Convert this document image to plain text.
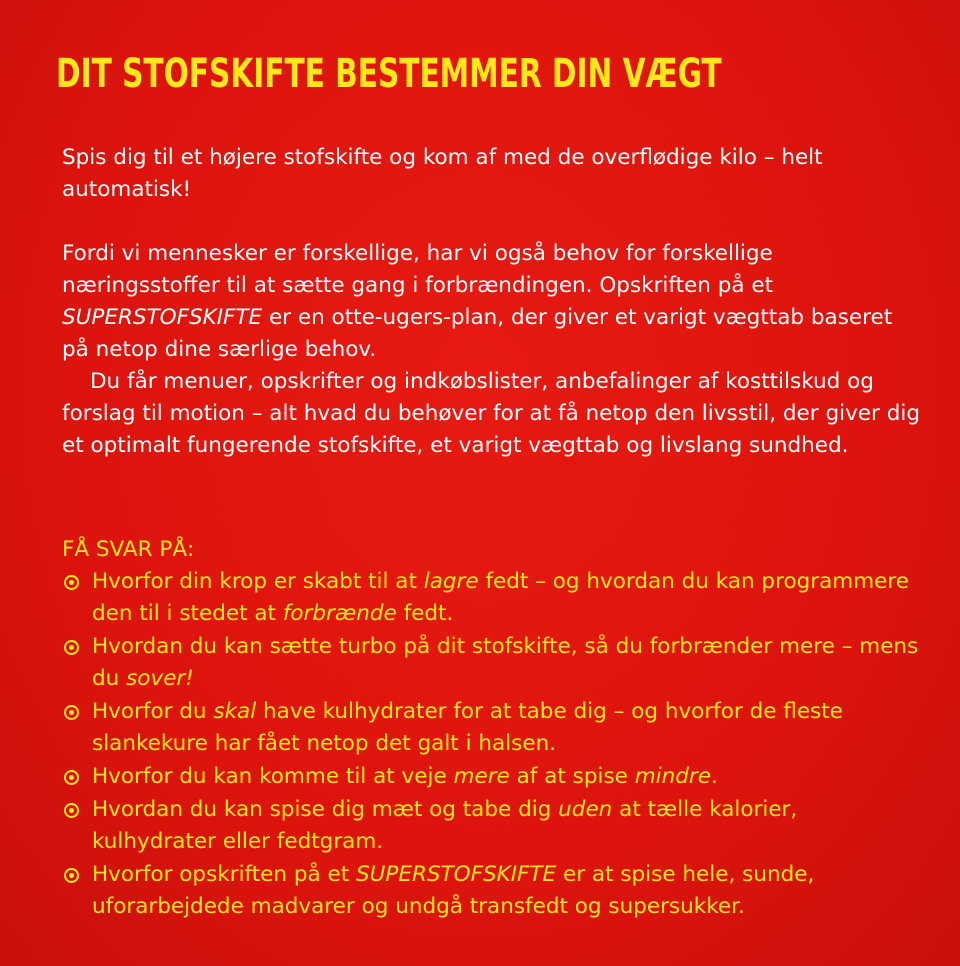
DIT STOFSKIFTE BESTEMMER DIN VÆGT

Spis dig til et højere stofskifte og kom af med de overflødige kilo – helt automatisk!

Fordi vi mennesker er forskellige, har vi også behov for forskellige næringsstoffer til at sætte gang i forbrændingen. Opskriften på et SUPERSTOFSKIFTE er en otte-ugers-plan, der giver et varigt vægttab baseret på netop dine særlige behov.

Du får menuer, opskrifter og indkøbslister, anbefalinger af kosttilskud og forslag til motion – alt hvad du behøver for at få netop den livsstil, der giver dig et optimalt fungerende stofskifte, et varigt vægttab og livslang sundhed.

FÅ SVAR PÅ:
Hvorfor din krop er skabt til at lagre fedt – og hvordan du kan programmere den til i stedet at forbrænde fedt.
Hvordan du kan sætte turbo på dit stofskifte, så du forbrænder mere – mens du sover!
Hvorfor du skal have kulhydrater for at tabe dig – og hvorfor de fleste slankekure har fået netop det galt i halsen.
Hvorfor du kan komme til at veje mere af at spise mindre.
Hvordan du kan spise dig mæt og tabe dig uden at tælle kalorier, kulhydrater eller fedtgram.
Hvorfor opskriften på et SUPERSTOFSKIFTE er at spise hele, sunde, uforarbejdede madvarer og undgå transfedt og supersukker.
